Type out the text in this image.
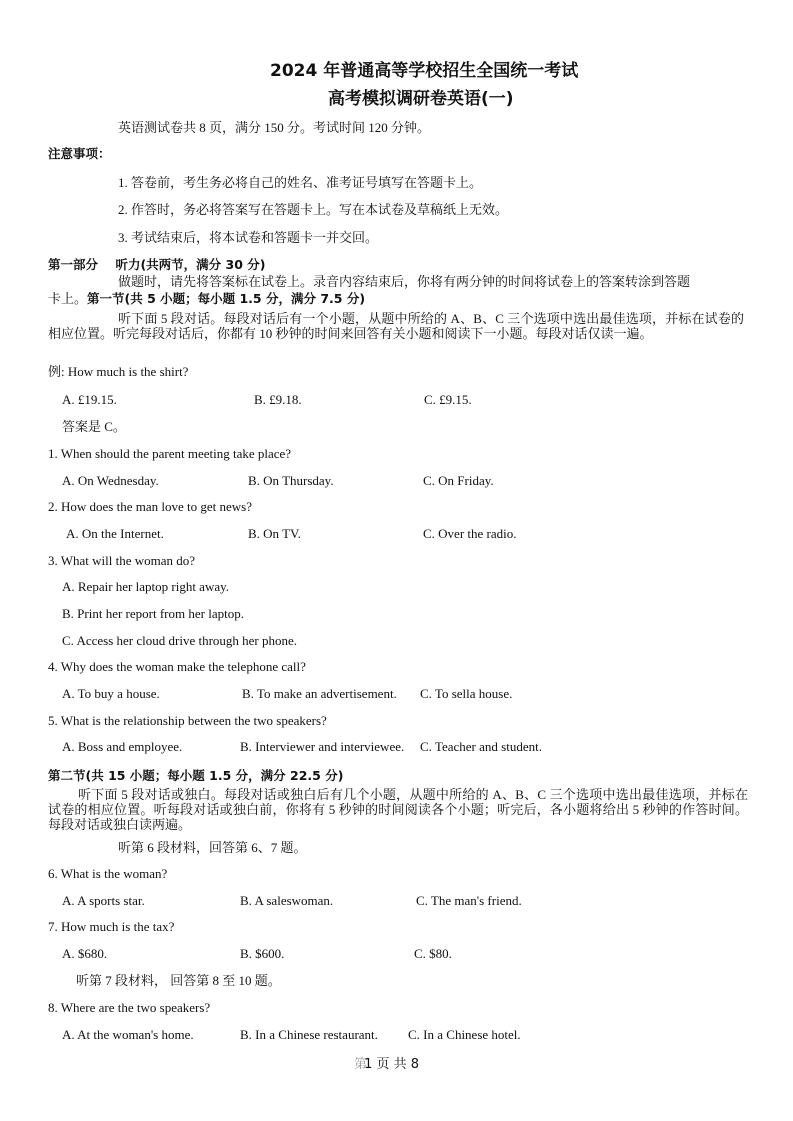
2024 年普通高等学校招生全国统一考试
高考模拟调研卷英语(一)
英语测试卷共 8 页，满分 150 分。考试时间 120 分钟。
注意事项：
1. 答卷前，考生务必将自己的姓名、准考证号填写在答题卡上。
2. 作答时，务必将答案写在答题卡上。写在本试卷及草稿纸上无效。
3. 考试结束后，将本试卷和答题卡一并交回。
第一部分 听力(共两节，满分 30 分)
做题时，请先将答案标在试卷上。录音内容结束后，你将有两分钟的时间将试卷上的答案转涂到答题
卡上。第一节(共 5 小题；每小题 1.5 分，满分 7.5 分)
听下面 5 段对话。每段对话后有一个小题，从题中所给的 A、B、C 三个选项中选出最佳选项，并标在试卷的相应位置。听完每段对话后，你都有 10 秒钟的时间来回答有关小题和阅读下一小题。每段对话仅读一遍。
例: How much is the shirt?
A. £19.15.	B. £9.18.	C. £9.15.
答案是 C。
1. When should the parent meeting take place?
A. On Wednesday.	B. On Thursday.	C. On Friday.
2. How does the man love to get news?
A. On the Internet.	B. On TV.	C. Over the radio.
3. What will the woman do?
A. Repair her laptop right away.
B. Print her report from her laptop.
C. Access her cloud drive through her phone.
4. Why does the woman make the telephone call?
A. To buy a house.	B. To make an advertisement. C. To sella house.
5. What is the relationship between the two speakers?
A. Boss and employee.	B. Interviewer and interviewee. C. Teacher and student.
第二节(共 15 小题；每小题 1.5 分，满分 22.5 分)
听下面 5 段对话或独白。每段对话或独白后有几个小题，从题中所给的 A、B、C 三个选项中选出最佳选项，并标在试卷的相应位置。听每段对话或独白前，你将有 5 秒钟的时间阅读各个小题；听完后，各小题将给出 5 秒钟的作答时间。每段对话或独白读两遍。
听第 6 段材料，回答第 6、7 题。
6. What is the woman?
A. A sports star.	B. A saleswoman.	C. The man's friend.
7. How much is the tax?
A. $680.	B. $600.	C. $80.
听第 7 段材料， 回答第 8 至 10 题。
8. Where are the two speakers?
A. At the woman's home.	B. In a Chinese restaurant. C. In a Chinese hotel.
第 1 页 共 8
